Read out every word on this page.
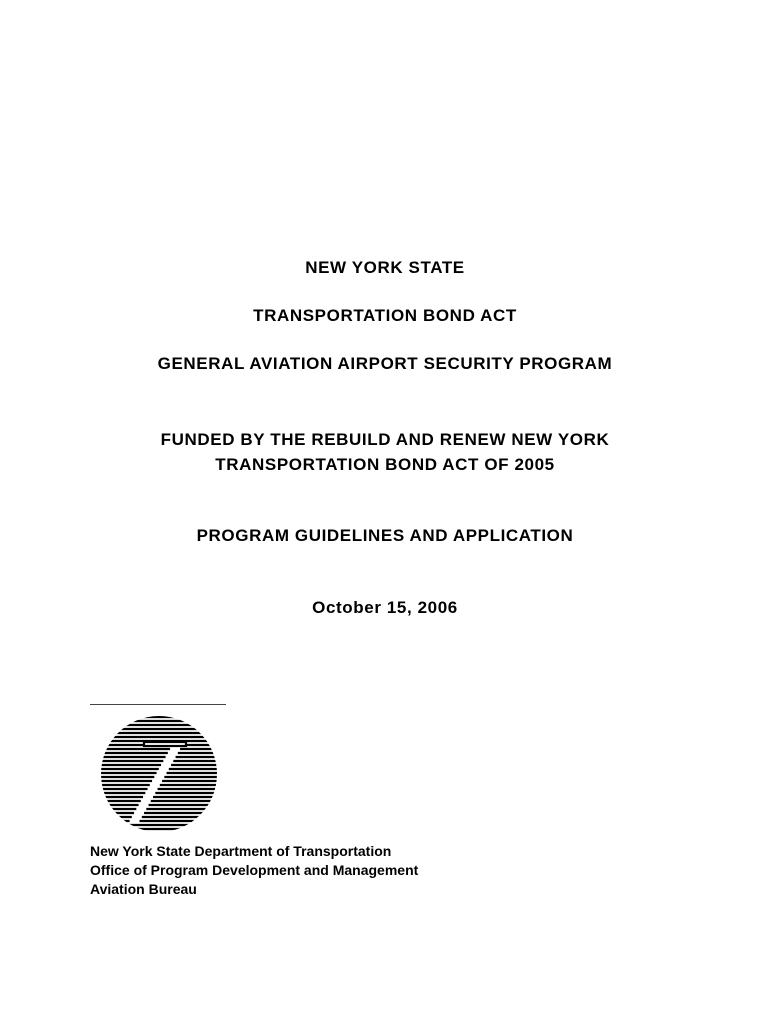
NEW YORK STATE
TRANSPORTATION BOND ACT
GENERAL AVIATION AIRPORT SECURITY PROGRAM
FUNDED BY THE REBUILD AND RENEW NEW YORK
TRANSPORTATION BOND ACT OF 2005
PROGRAM GUIDELINES AND APPLICATION
October 15, 2006
New York State Department of Transportation
Office of Program Development and Management
Aviation Bureau
